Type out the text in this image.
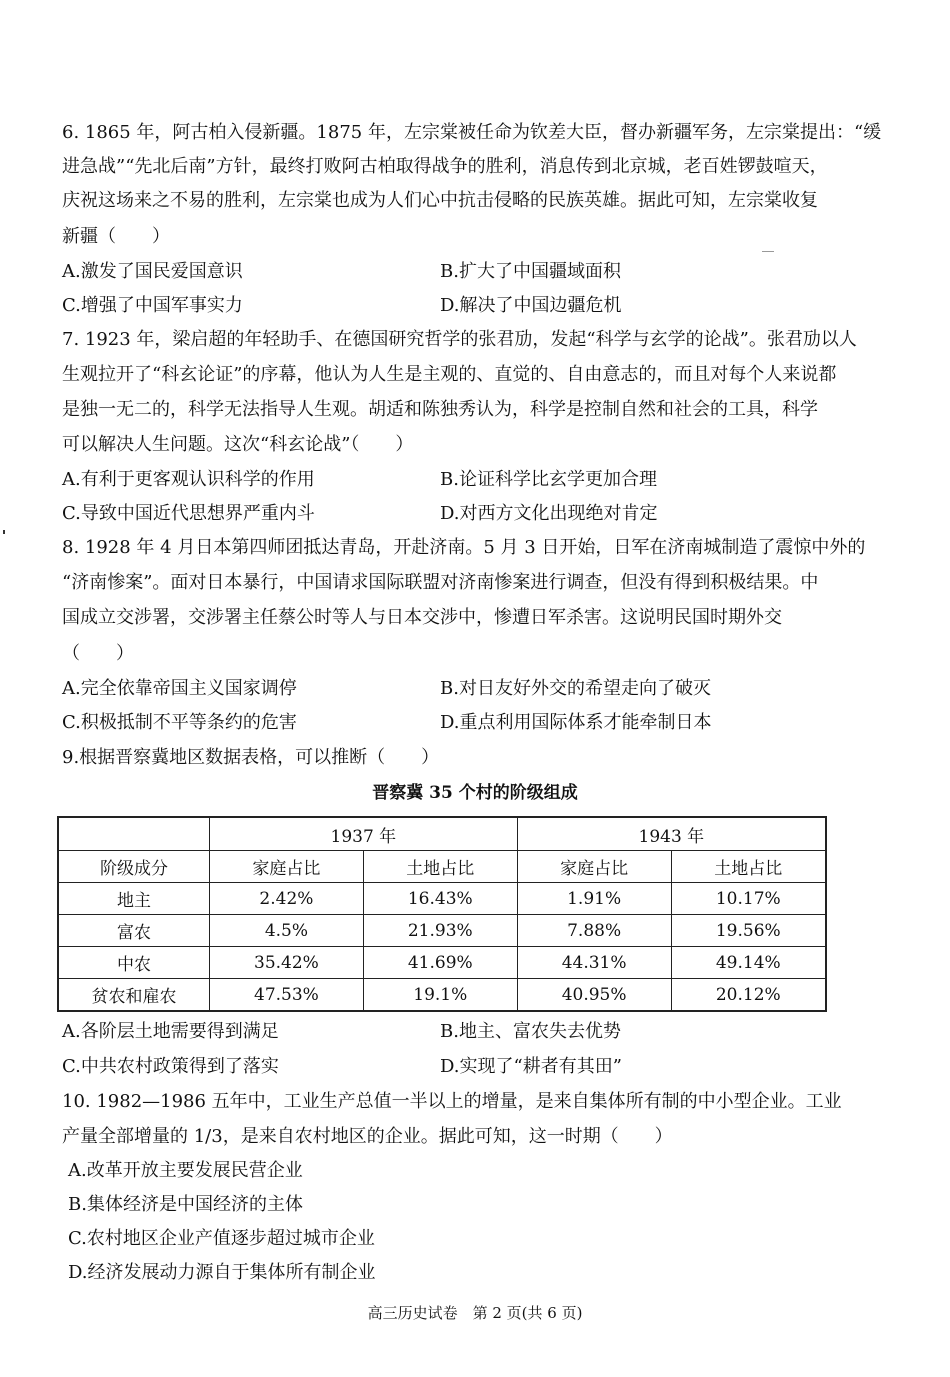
6. 1865 年，阿古柏入侵新疆。1875 年，左宗棠被任命为钦差大臣，督办新疆军务，左宗棠提出：“缓
进急战”“先北后南”方针，最终打败阿古柏取得战争的胜利，消息传到北京城，老百姓锣鼓喧天，
庆祝这场来之不易的胜利，左宗棠也成为人们心中抗击侵略的民族英雄。据此可知，左宗棠收复
新疆（　　）
A.激发了国民爱国意识	B.扩大了中国疆域面积
C.增强了中国军事实力	D.解决了中国边疆危机
7. 1923 年，梁启超的年轻助手、在德国研究哲学的张君劢，发起“科学与玄学的论战”。张君劢以人
生观拉开了“科玄论证”的序幕，他认为人生是主观的、直觉的、自由意志的，而且对每个人来说都
是独一无二的，科学无法指导人生观。胡适和陈独秀认为，科学是控制自然和社会的工具，科学
可以解决人生问题。这次“科玄论战”（　　）
A.有利于更客观认识科学的作用	B.论证科学比玄学更加合理
C.导致中国近代思想界严重内斗	D.对西方文化出现绝对肯定
8. 1928 年 4 月日本第四师团抵达青岛，开赴济南。5 月 3 日开始，日军在济南城制造了震惊中外的
“济南惨案”。面对日本暴行，中国请求国际联盟对济南惨案进行调查，但没有得到积极结果。中
国成立交涉署，交涉署主任蔡公时等人与日本交涉中，惨遭日军杀害。这说明民国时期外交
（　　）
A.完全依靠帝国主义国家调停	B.对日友好外交的希望走向了破灭
C.积极抵制不平等条约的危害	D.重点利用国际体系才能牵制日本
9.根据晋察冀地区数据表格，可以推断（　　）
晋察冀 35 个村的阶级组成
	1937 年		1943 年	
阶级成分	家庭占比	土地占比	家庭占比	土地占比
地主	2.42%	16.43%	1.91%	10.17%
富农	4.5%	21.93%	7.88%	19.56%
中农	35.42%	41.69%	44.31%	49.14%
贫农和雇农	47.53%	19.1%	40.95%	20.12%
A.各阶层土地需要得到满足	B.地主、富农失去优势
C.中共农村政策得到了落实	D.实现了“耕者有其田”
10. 1982—1986 五年中，工业生产总值一半以上的增量，是来自集体所有制的中小型企业。工业
产量全部增量的 1/3，是来自农村地区的企业。据此可知，这一时期（　　）
A.改革开放主要发展民营企业
B.集体经济是中国经济的主体
C.农村地区企业产值逐步超过城市企业
D.经济发展动力源自于集体所有制企业
高三历史试卷　第 2 页(共 6 页)
